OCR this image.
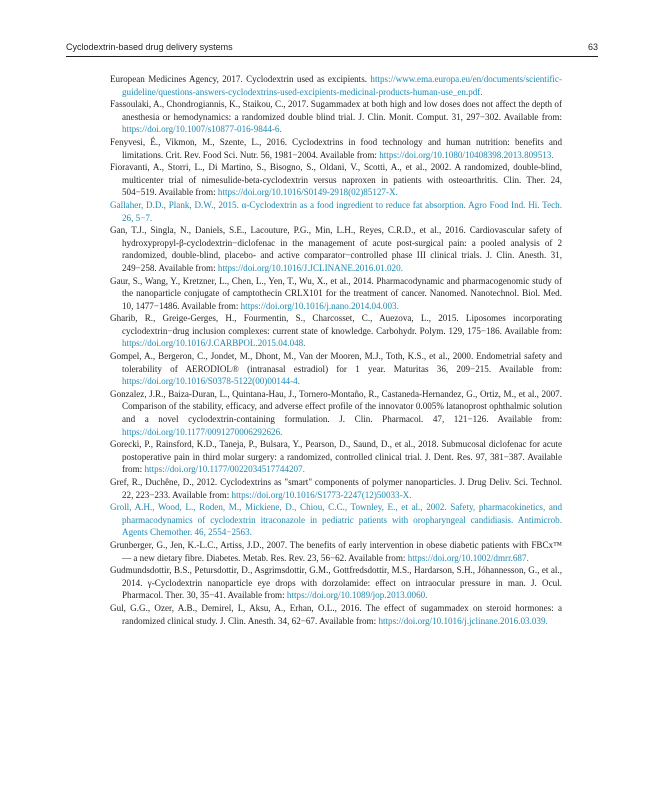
Cyclodextrin-based drug delivery systems	63

European Medicines Agency, 2017. Cyclodextrin used as excipients. https://www.ema.europa.eu/en/documents/scientific-guideline/questions-answers-cyclodextrins-used-excipients-medicinal-products-human-use_en.pdf.

Fassoulaki, A., Chondrogiannis, K., Staikou, C., 2017. Sugammadex at both high and low doses does not affect the depth of anesthesia or hemodynamics: a randomized double blind trial. J. Clin. Monit. Comput. 31, 297−302. Available from: https://doi.org/10.1007/s10877-016-9844-6.

Fenyvesi, É., Vikmon, M., Szente, L., 2016. Cyclodextrins in food technology and human nutrition: benefits and limitations. Crit. Rev. Food Sci. Nutr. 56, 1981−2004. Available from: https://doi.org/10.1080/10408398.2013.809513.

Fioravanti, A., Storri, L., Di Martino, S., Bisogno, S., Oldani, V., Scotti, A., et al., 2002. A randomized, double-blind, multicenter trial of nimesulide-beta-cyclodextrin versus naproxen in patients with osteoarthritis. Clin. Ther. 24, 504−519. Available from: https://doi.org/10.1016/S0149-2918(02)85127-X.

Gallaher, D.D., Plank, D.W., 2015. α-Cyclodextrin as a food ingredient to reduce fat absorption. Agro Food Ind. Hi. Tech. 26, 5−7.

Gan, T.J., Singla, N., Daniels, S.E., Lacouture, P.G., Min, L.H., Reyes, C.R.D., et al., 2016. Cardiovascular safety of hydroxypropyl-β-cyclodextrin−diclofenac in the management of acute post-surgical pain: a pooled analysis of 2 randomized, double-blind, placebo- and active comparator−controlled phase III clinical trials. J. Clin. Anesth. 31, 249−258. Available from: https://doi.org/10.1016/J.JCLINANE.2016.01.020.

Gaur, S., Wang, Y., Kretzner, L., Chen, L., Yen, T., Wu, X., et al., 2014. Pharmacodynamic and pharmacogenomic study of the nanoparticle conjugate of camptothecin CRLX101 for the treatment of cancer. Nanomed. Nanotechnol. Biol. Med. 10, 1477−1486. Available from: https://doi.org/10.1016/j.nano.2014.04.003.

Gharib, R., Greige-Gerges, H., Fourmentin, S., Charcosset, C., Auezova, L., 2015. Liposomes incorporating cyclodextrin−drug inclusion complexes: current state of knowledge. Carbohydr. Polym. 129, 175−186. Available from: https://doi.org/10.1016/J.CARBPOL.2015.04.048.

Gompel, A., Bergeron, C., Jondet, M., Dhont, M., Van der Mooren, M.J., Toth, K.S., et al., 2000. Endometrial safety and tolerability of AERODIOL® (intranasal estradiol) for 1 year. Maturitas 36, 209−215. Available from: https://doi.org/10.1016/S0378-5122(00)00144-4.

Gonzalez, J.R., Baiza-Duran, L., Quintana-Hau, J., Tornero-Montaño, R., Castaneda-Hernandez, G., Ortiz, M., et al., 2007. Comparison of the stability, efficacy, and adverse effect profile of the innovator 0.005% latanoprost ophthalmic solution and a novel cyclodextrin-containing formulation. J. Clin. Pharmacol. 47, 121−126. Available from: https://doi.org/10.1177/0091270006292626.

Gorecki, P., Rainsford, K.D., Taneja, P., Bulsara, Y., Pearson, D., Saund, D., et al., 2018. Submucosal diclofenac for acute postoperative pain in third molar surgery: a randomized, controlled clinical trial. J. Dent. Res. 97, 381−387. Available from: https://doi.org/10.1177/0022034517744207.

Gref, R., Duchêne, D., 2012. Cyclodextrins as "smart" components of polymer nanoparticles. J. Drug Deliv. Sci. Technol. 22, 223−233. Available from: https://doi.org/10.1016/S1773-2247(12)50033-X.

Groll, A.H., Wood, L., Roden, M., Mickiene, D., Chiou, C.C., Townley, E., et al., 2002. Safety, pharmacokinetics, and pharmacodynamics of cyclodextrin itraconazole in pediatric patients with oropharyngeal candidiasis. Antimicrob. Agents Chemother. 46, 2554−2563.

Grunberger, G., Jen, K.-L.C., Artiss, J.D., 2007. The benefits of early intervention in obese diabetic patients with FBCx™ — a new dietary fibre. Diabetes. Metab. Res. Rev. 23, 56−62. Available from: https://doi.org/10.1002/dmrr.687.

Gudmundsdottir, B.S., Petursdottir, D., Asgrimsdottir, G.M., Gottfredsdottir, M.S., Hardarson, S.H., Jóhannesson, G., et al., 2014. γ-Cyclodextrin nanoparticle eye drops with dorzolamide: effect on intraocular pressure in man. J. Ocul. Pharmacol. Ther. 30, 35−41. Available from: https://doi.org/10.1089/jop.2013.0060.

Gul, G.G., Ozer, A.B., Demirel, I., Aksu, A., Erhan, O.L., 2016. The effect of sugammadex on steroid hormones: a randomized clinical study. J. Clin. Anesth. 34, 62−67. Available from: https://doi.org/10.1016/j.jclinane.2016.03.039.
